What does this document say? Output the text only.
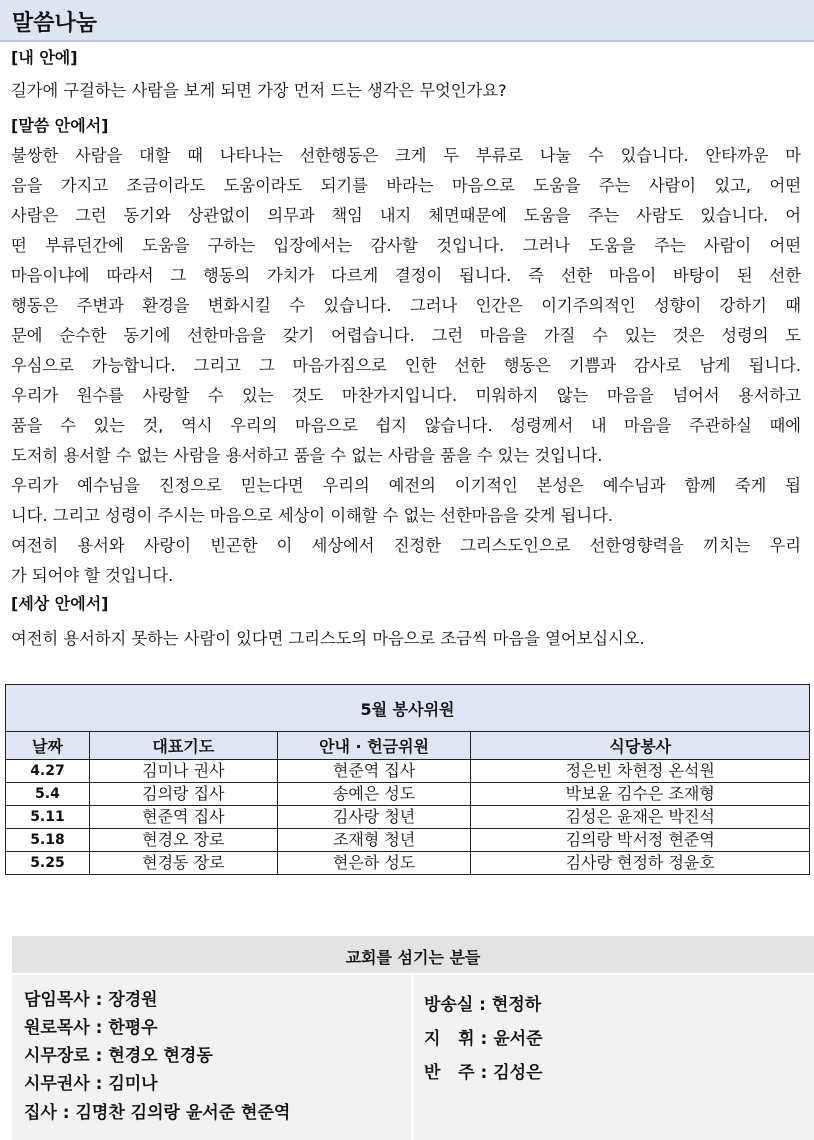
말씀나눔
[내 안에]
길가에 구걸하는 사람을 보게 되면 가장 먼저 드는 생각은 무엇인가요?
[말씀 안에서]
불쌍한 사람을 대할 때 나타나는 선한행동은 크게 두 부류로 나눌 수 있습니다. 안타까운 마
음을 가지고 조금이라도 도움이라도 되기를 바라는 마음으로 도움을 주는 사람이 있고, 어떤
사람은 그런 동기와 상관없이 의무과 책임 내지 체면때문에 도움을 주는 사람도 있습니다. 어
떤 부류던간에 도움을 구하는 입장에서는 감사할 것입니다. 그러나 도움을 주는 사람이 어떤
마음이냐에 따라서 그 행동의 가치가 다르게 결정이 됩니다. 즉 선한 마음이 바탕이 된 선한
행동은 주변과 환경을 변화시킬 수 있습니다. 그러나 인간은 이기주의적인 성향이 강하기 때
문에 순수한 동기에 선한마음을 갖기 어렵습니다. 그런 마음을 가질 수 있는 것은 성령의 도
우심으로 가능합니다. 그리고 그 마음가짐으로 인한 선한 행동은 기쁨과 감사로 남게 됩니다.
우리가 원수를 사랑할 수 있는 것도 마찬가지입니다. 미워하지 않는 마음을 넘어서 용서하고
품을 수 있는 것, 역시 우리의 마음으로 쉽지 않습니다. 성령께서 내 마음을 주관하실 때에
도저히 용서할 수 없는 사람을 용서하고 품을 수 없는 사람을 품을 수 있는 것입니다.
우리가 예수님을 진정으로 믿는다면 우리의 예전의 이기적인 본성은 예수님과 함께 죽게 됩
니다. 그리고 성령이 주시는 마음으로 세상이 이해할 수 없는 선한마음을 갖게 됩니다.
여전히 용서와 사랑이 빈곤한 이 세상에서 진정한 그리스도인으로 선한영향력을 끼치는 우리
가 되어야 할 것입니다.
[세상 안에서]
여전히 용서하지 못하는 사람이 있다면 그리스도의 마음으로 조금씩 마음을 열어보십시오.
5월 봉사위원			
날짜	대표기도	안내 · 헌금위원	식당봉사
4.27	김미나 권사	현준역 집사	정은빈 차현정 온석원
5.4	김의랑 집사	송예은 성도	박보윤 김수은 조재형
5.11	현준역 집사	김사랑 청년	김성은 윤재은 박진석
5.18	현경오 장로	조재형 청년	김의랑 박서정 현준역
5.25	현경동 장로	현은하 성도	김사랑 현정하 정윤호
교회를 섬기는 분들
담임목사 : 장경원
원로목사 : 한평우
시무장로 : 현경오 현경동
시무권사 : 김미나
집사 : 김명찬 김의랑 윤서준 현준역
방송실 : 현정하
지   휘 : 윤서준
반   주 : 김성은
